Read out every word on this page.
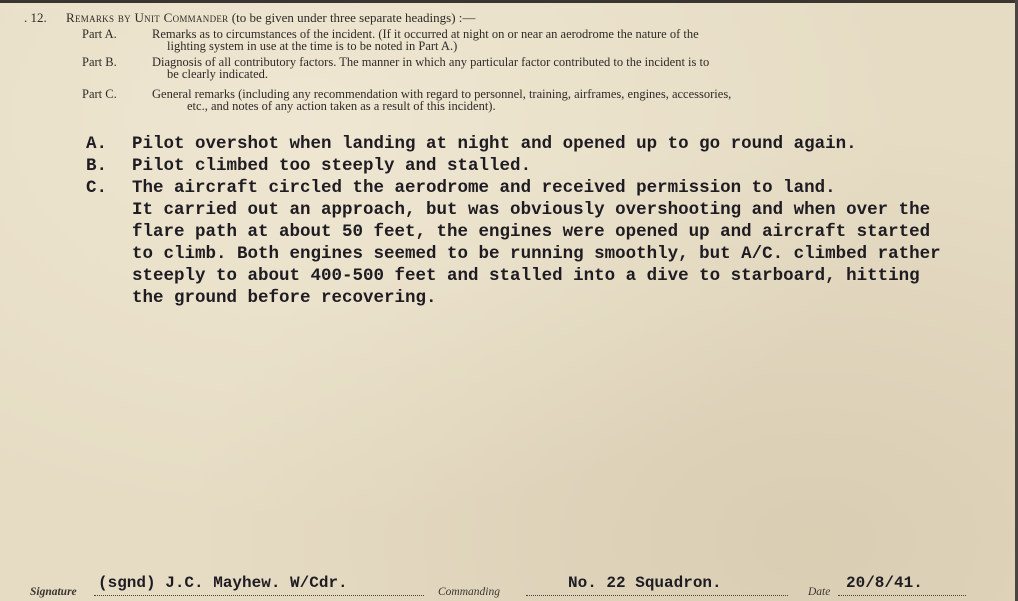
. 12. Remarks by Unit Commander (to be given under three separate headings) :—
Part A.	Remarks as to circumstances of the incident. (If it occurred at night on or near an aerodrome the nature of the
lighting system in use at the time is to be noted in Part A.)
Part B.	Diagnosis of all contributory factors. The manner in which any particular factor contributed to the incident is to
be clearly indicated.
Part C.	General remarks (including any recommendation with regard to personnel, training, airframes, engines, accessories,
etc., and notes of any action taken as a result of this incident).
A. Pilot overshot when landing at night and opened up to go round again.
B. Pilot climbed too steeply and stalled.
C. The aircraft circled the aerodrome and received permission to land.
It carried out an approach, but was obviously overshooting and when over the
flare path at about 50 feet, the engines were opened up and aircraft started
to climb. Both engines seemed to be running smoothly, but A/C. climbed rather
steeply to about 400-500 feet and stalled into a dive to starboard, hitting
the ground before recovering.
Signature (sgnd) J.C. Mayhew. W/Cdr.	Commanding	No. 22 Squadron.	Date 20/8/41.
